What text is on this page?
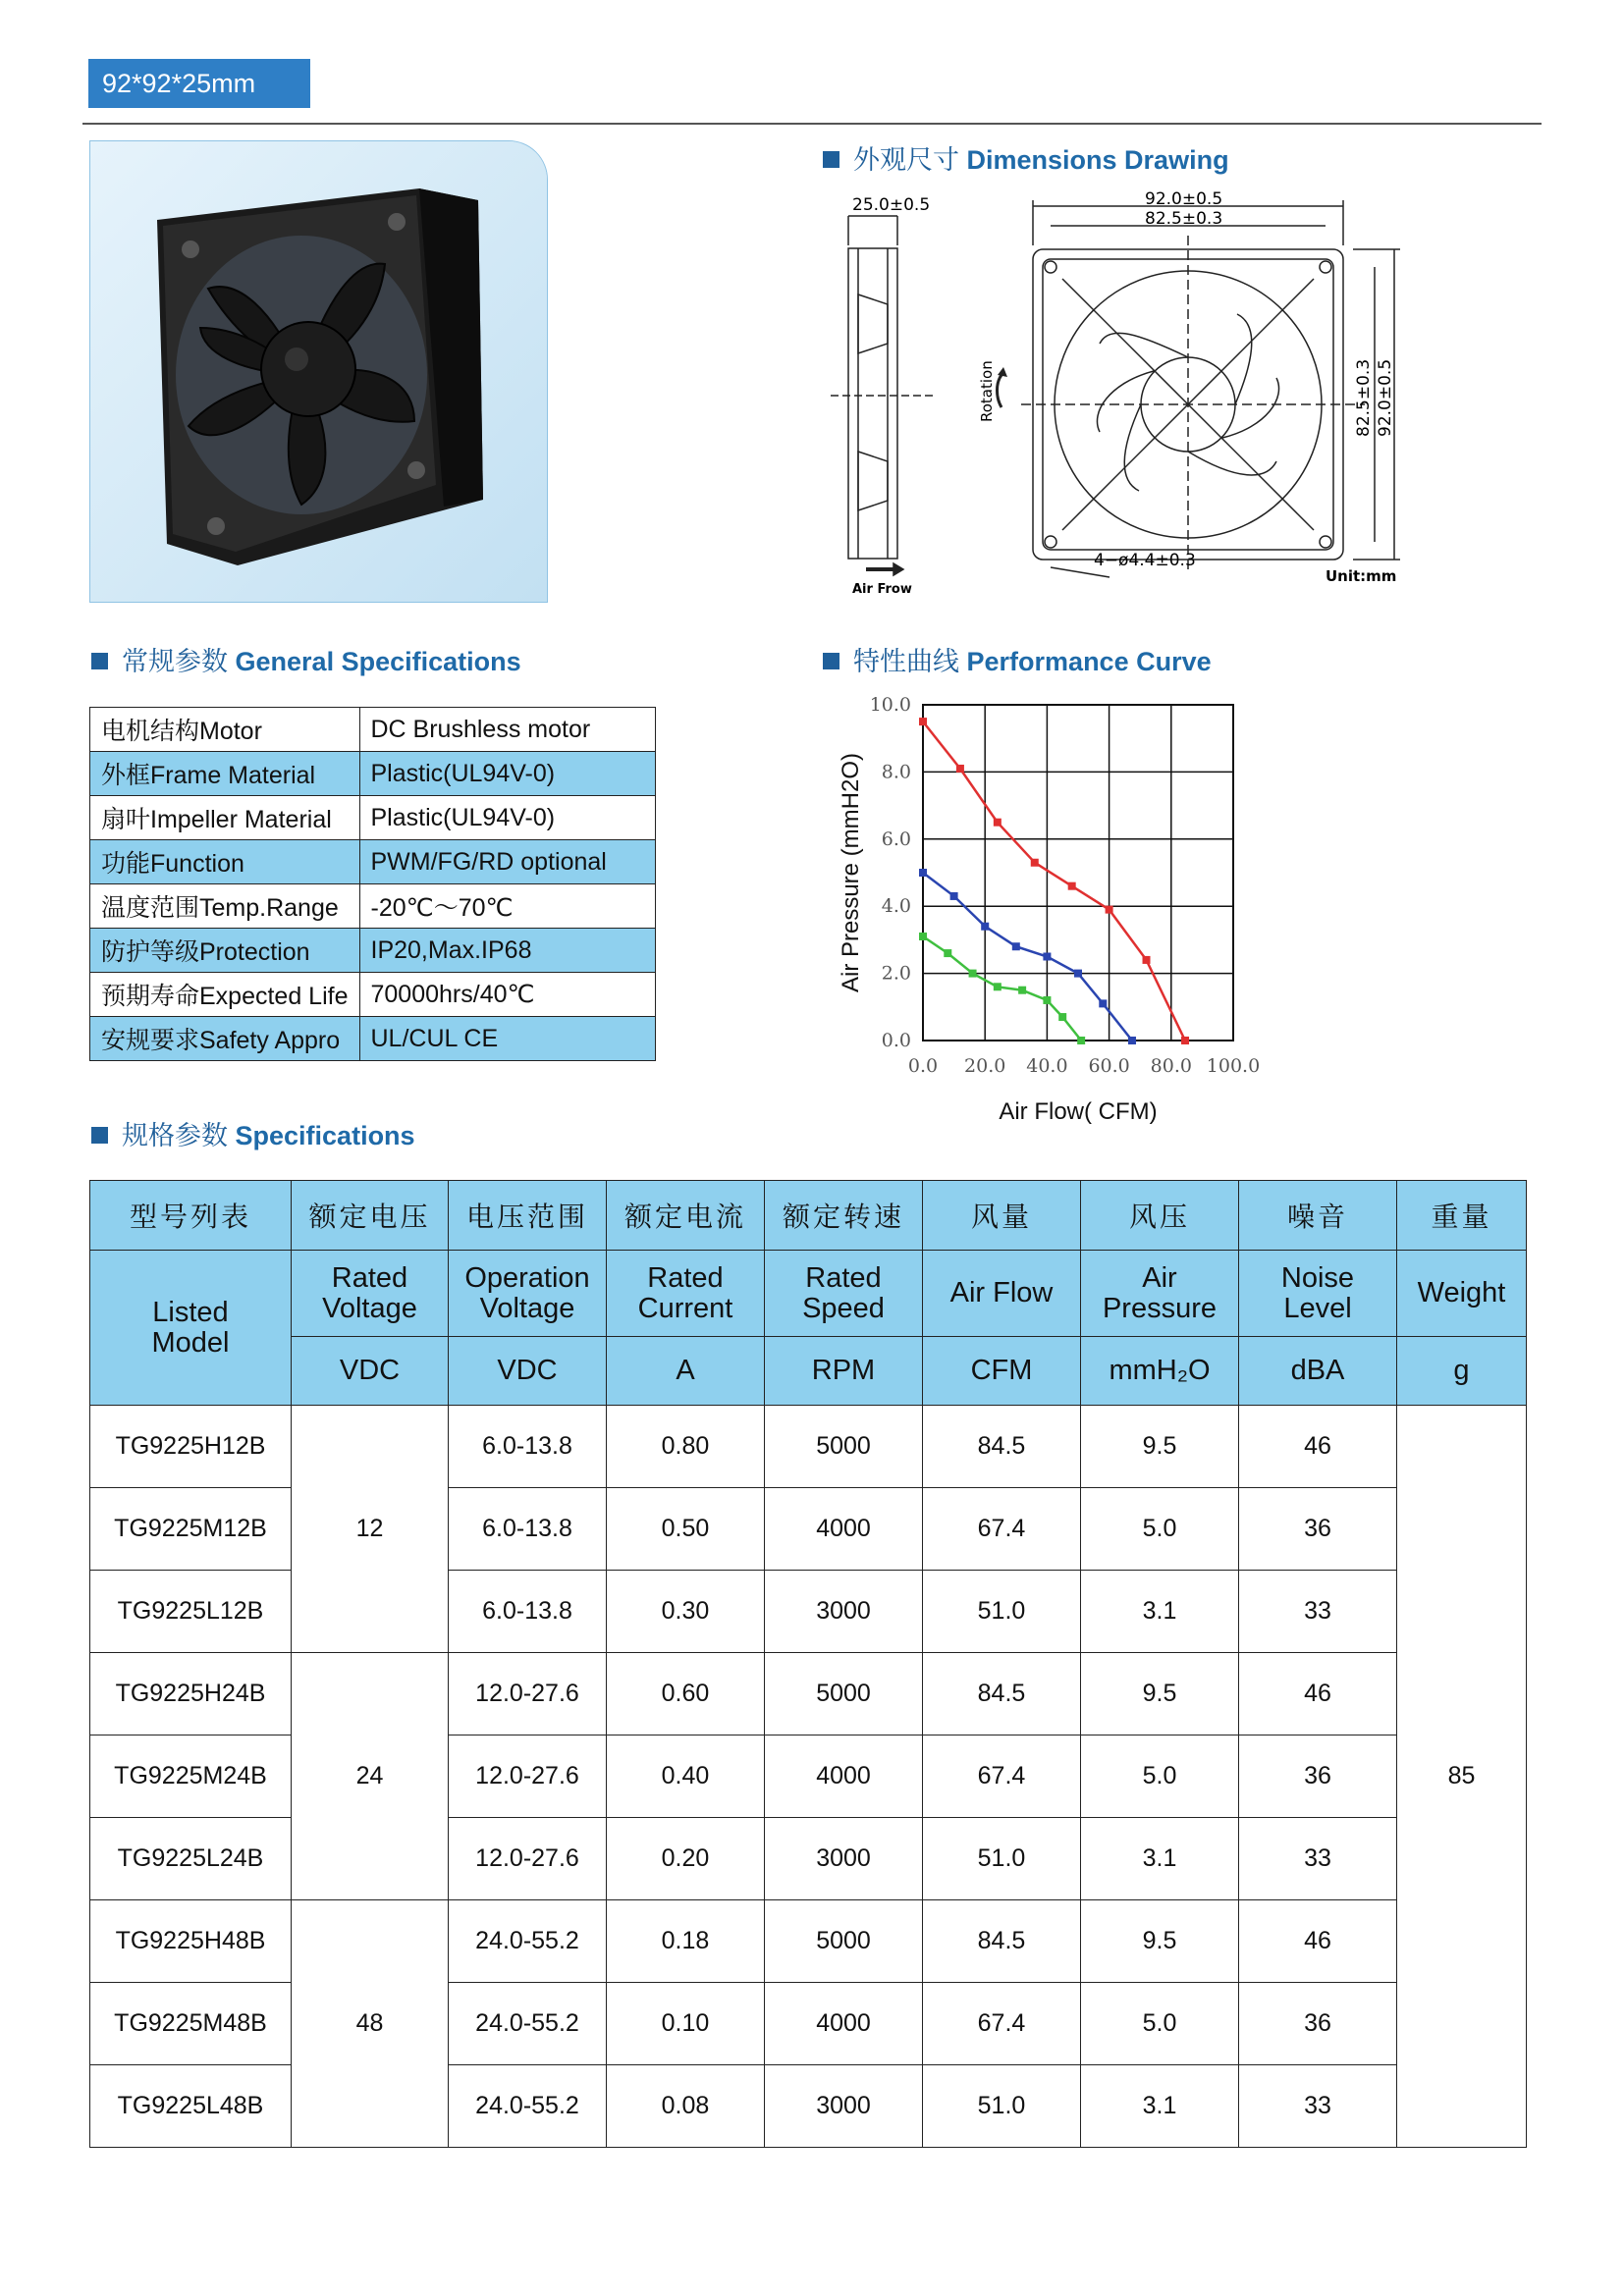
92*92*25mm
外观尺寸 Dimensions Drawing
25.0±0.5	92.0±0.5
82.5±0.3
82.5±0.3 92.0±0.5
Rotation
4−ø4.4±0.3
Air Frow
Unit:mm
常规参数 General Specifications
电机结构Motor	DC Brushless motor
外框Frame Material	Plastic(UL94V-0)
扇叶Impeller Material	Plastic(UL94V-0)
功能Function	PWM/FG/RD optional
温度范围Temp.Range	-20℃～70℃
防护等级Protection	IP20,Max.IP68
预期寿命Expected Life	70000hrs/40℃
安规要求Safety Appro	UL/CUL CE
特性曲线 Performance Curve
0.0
2.0
4.0
6.0
8.0
10.0
0.0 20.0 40.0 60.0 80.0 100.0
Air Flow( CFM)
Air Pressure (mmH2O)
规格参数 Specifications
型号列表	额定电压	电压范围	额定电流	额定转速	风量	风压	噪音	重量
Listed Model	Rated Voltage	Operation Voltage	Rated Current	Rated Speed	Air Flow	Air Pressure	Noise Level	Weight
	VDC	VDC	A	RPM	CFM	mmH₂O	dBA	g
TG9225H12B	12	6.0-13.8	0.80	5000	84.5	9.5	46	85
TG9225M12B		6.0-13.8	0.50	4000	67.4	5.0	36	
TG9225L12B		6.0-13.8	0.30	3000	51.0	3.1	33	
TG9225H24B	24	12.0-27.6	0.60	5000	84.5	9.5	46	
TG9225M24B		12.0-27.6	0.40	4000	67.4	5.0	36	
TG9225L24B		12.0-27.6	0.20	3000	51.0	3.1	33	
TG9225H48B	48	24.0-55.2	0.18	5000	84.5	9.5	46	
TG9225M48B		24.0-55.2	0.10	4000	67.4	5.0	36	
TG9225L48B		24.0-55.2	0.08	3000	51.0	3.1	33	
